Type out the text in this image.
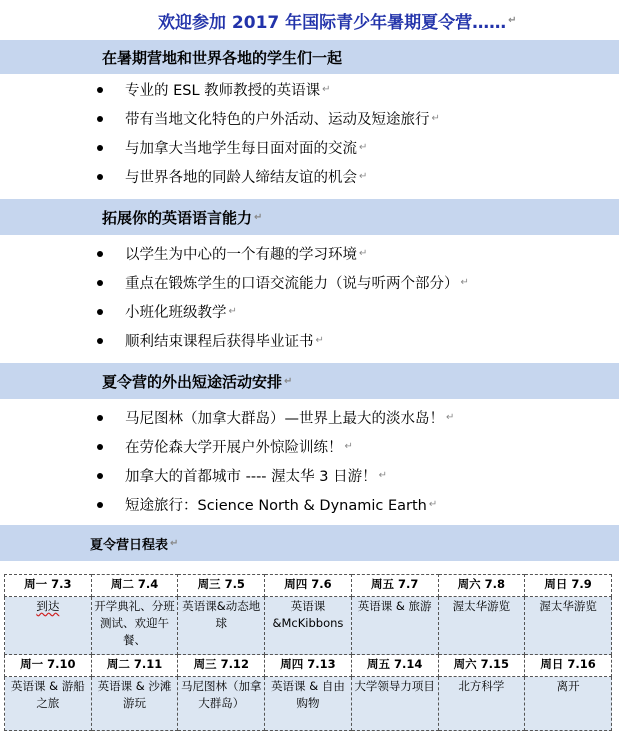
欢迎参加 2017 年国际青少年暑期夏令营…… ↵
在暑期营地和世界各地的学生们一起
专业的 ESL 教师教授的英语课 ↵
带有当地文化特色的户外活动、运动及短途旅行 ↵
与加拿大当地学生每日面对面的交流 ↵
与世界各地的同龄人缔结友谊的机会 ↵
拓展你的英语语言能力 ↵
以学生为中心的一个有趣的学习环境 ↵
重点在锻炼学生的口语交流能力（说与听两个部分） ↵
小班化班级教学 ↵
顺利结束课程后获得毕业证书 ↵
夏令营的外出短途活动安排 ↵
马尼图林（加拿大群岛）—世界上最大的淡水岛！ ↵
在劳伦森大学开展户外惊险训练！ ↵
加拿大的首都城市 ---- 渥太华 3 日游！ ↵
短途旅行：Science North & Dynamic Earth ↵
夏令营日程表 ↵
周一 7.3	周二 7.4	周三 7.5	周四 7.6	周五 7.7	周六 7.8	周日 7.9
到达	开学典礼、分班测试、欢迎午餐、	英语课&动态地球	英语课&McKibbons	英语课 & 旅游	渥太华游览	渥太华游览
周一 7.10	周二 7.11	周三 7.12	周四 7.13	周五 7.14	周六 7.15	周日 7.16
英语课 & 游船之旅	英语课 & 沙滩游玩	马尼图林（加拿大群岛）	英语课 & 自由购物	大学领导力项目	北方科学	离开
